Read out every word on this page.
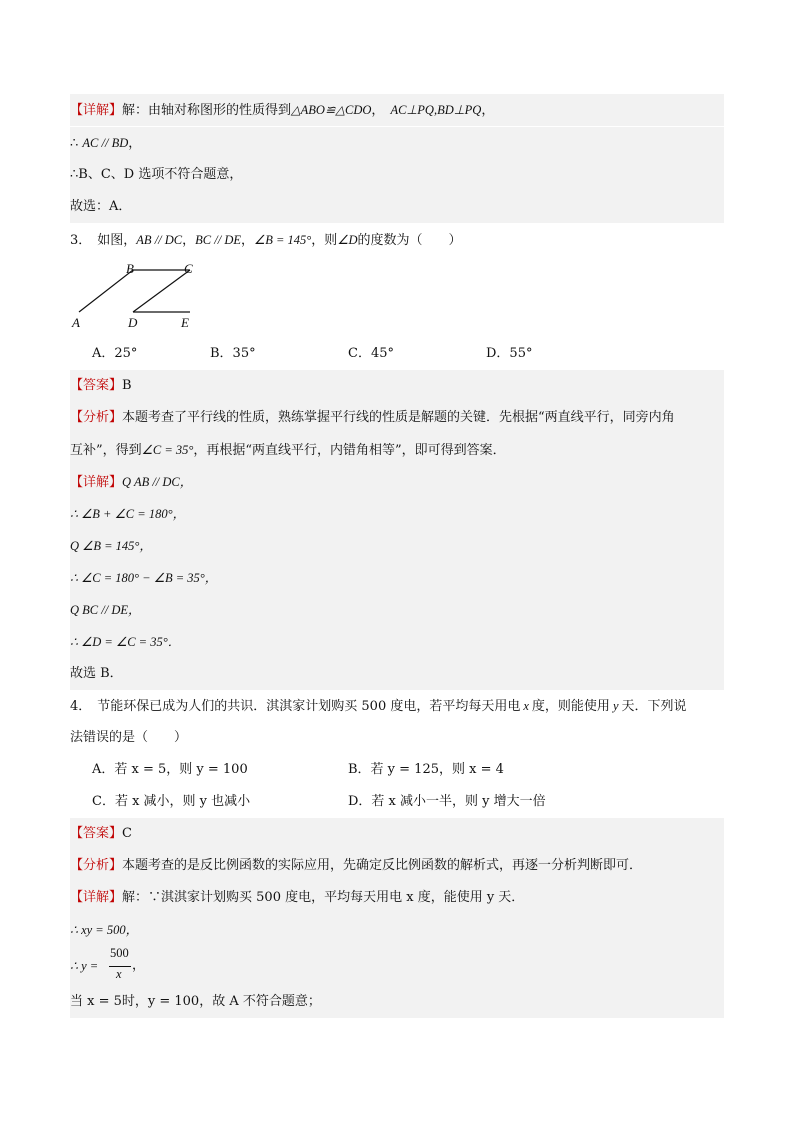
【详解】解：由轴对称图形的性质得到△ABO≌△CDO， AC⊥PQ,BD⊥PQ，
∴ AC // BD，
∴B、C、D 选项不符合题意，
故选：A．
3． 如图，AB // DC，BC // DE，∠B = 145°，则∠D的度数为（　　）
B	C
A	D	E
A．25°	B．35°	C．45°	D．55°
【答案】B
【分析】本题考查了平行线的性质，熟练掌握平行线的性质是解题的关键．先根据“两直线平行，同旁内角
互补”，得到∠C = 35°，再根据“两直线平行，内错角相等”，即可得到答案．
【详解】Q AB // DC，
∴ ∠B + ∠C = 180°，
Q ∠B = 145°，
∴ ∠C = 180° − ∠B = 35°，
Q BC // DE，
∴ ∠D = ∠C = 35°．
故选 B．
4． 节能环保已成为人们的共识．淇淇家计划购买 500 度电，若平均每天用电 x 度，则能使用 y 天．下列说
法错误的是（　　）
A．若 x = 5，则 y = 100	B．若 y = 125，则 x = 4
C．若 x 减小，则 y 也减小	D．若 x 减小一半，则 y 增大一倍
【答案】C
【分析】本题考查的是反比例函数的实际应用，先确定反比例函数的解析式，再逐一分析判断即可．
【详解】解：∵淇淇家计划购买 500 度电，平均每天用电 x 度，能使用 y 天．
∴ xy = 500，
∴ y =
500
x
，
当 x = 5时，y = 100，故 A 不符合题意；
